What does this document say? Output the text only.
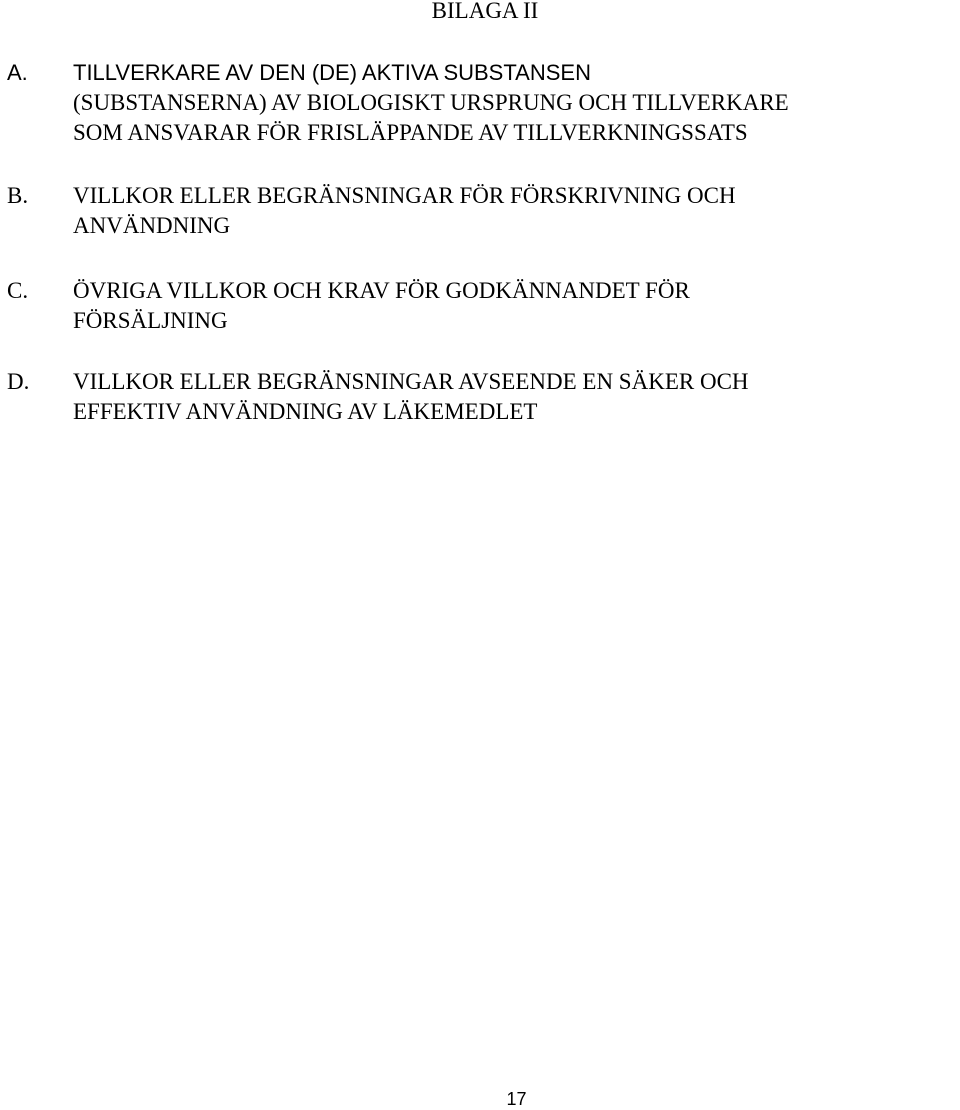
BILAGA II
A. TILLVERKARE AV DEN (DE) AKTIVA SUBSTANSEN
(SUBSTANSERNA) AV BIOLOGISKT URSPRUNG OCH TILLVERKARE
SOM ANSVARAR FÖR FRISLÄPPANDE AV TILLVERKNINGSSATS
B. VILLKOR ELLER BEGRÄNSNINGAR FÖR FÖRSKRIVNING OCH
ANVÄNDNING
C. ÖVRIGA VILLKOR OCH KRAV FÖR GODKÄNNANDET FÖR
FÖRSÄLJNING
D. VILLKOR ELLER BEGRÄNSNINGAR AVSEENDE EN SÄKER OCH
EFFEKTIV ANVÄNDNING AV LÄKEMEDLET
17
